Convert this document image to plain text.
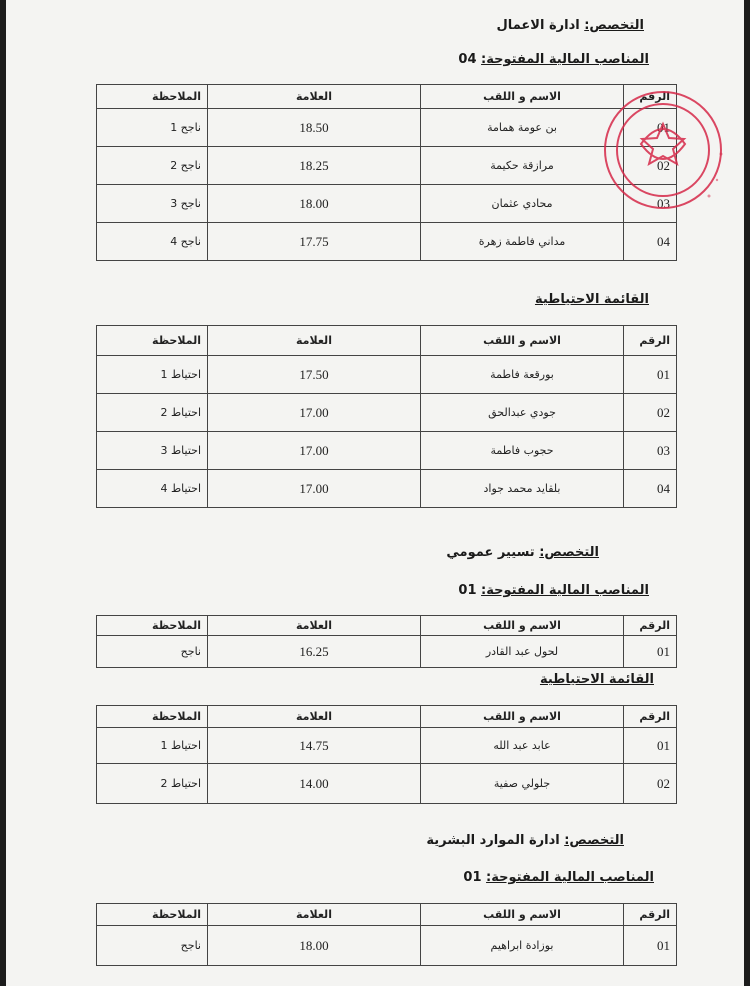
التخصص: ادارة الاعمال
المناصب المالية المفتوحة: 04
الملاحظة	العلامة	الاسم و اللقب	الرقم
ناجح 1	18.50	بن عومة همامة	01
ناجح 2	18.25	مرازقة حكيمة	02
ناجح 3	18.00	محادي عثمان	03
ناجح 4	17.75	مداني فاطمة زهرة	04
القائمة الاحتياطية
الملاحظة	العلامة	الاسم و اللقب	الرقم
احتياط 1	17.50	بورقعة فاطمة	01
احتياط 2	17.00	جودي عبدالحق	02
احتياط 3	17.00	حجوب فاطمة	03
احتياط 4	17.00	بلقايد محمد جواد	04
التخصص: تسيير عمومي
المناصب المالية المفتوحة: 01
الملاحظة	العلامة	الاسم و اللقب	الرقم
ناجح	16.25	لحول عبد القادر	01
القائمة الاحتياطية
الملاحظة	العلامة	الاسم و اللقب	الرقم
احتياط 1	14.75	عابد عبد الله	01
احتياط 2	14.00	جلولي صفية	02
التخصص: ادارة الموارد البشرية
المناصب المالية المفتوحة: 01
الملاحظة	العلامة	الاسم و اللقب	الرقم
ناجح	18.00	بوزادة ابراهيم	01
